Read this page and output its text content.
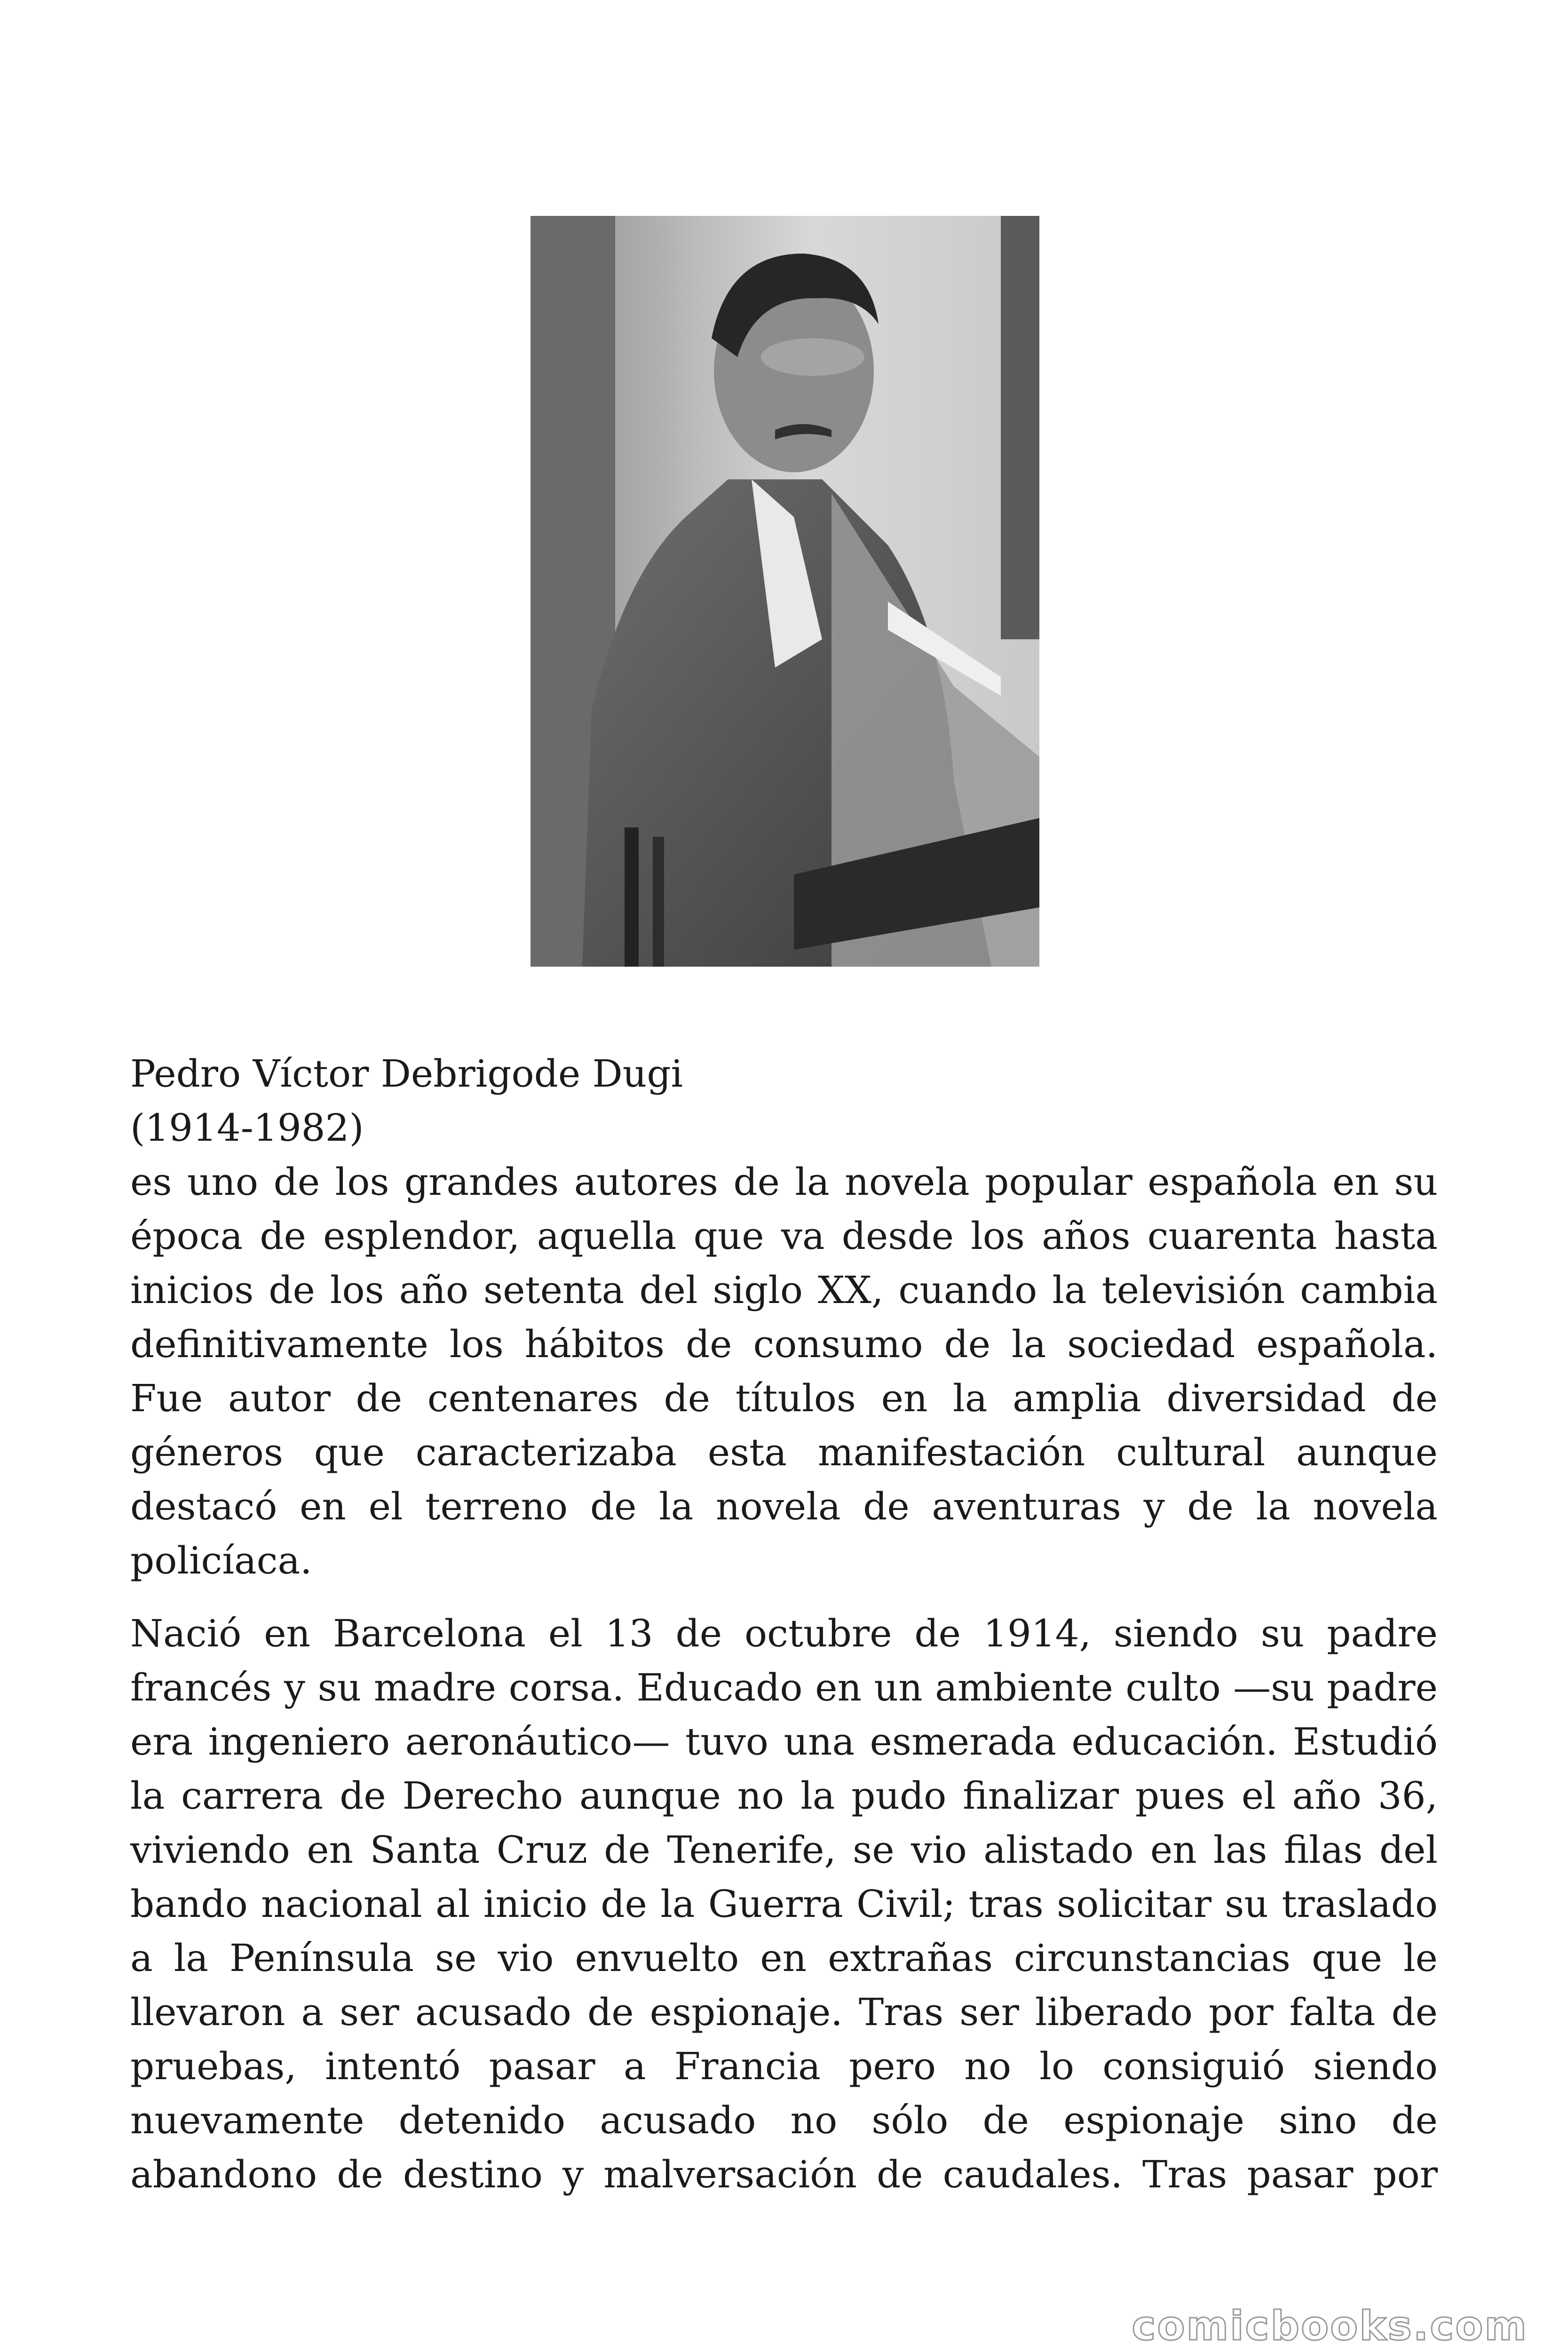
Pedro Víctor Debrigode Dugi
(1914-1982)
es uno de los grandes autores de la novela popular española en su
época de esplendor, aquella que va desde los años cuarenta hasta
inicios de los año setenta del siglo XX, cuando la televisión cambia
definitivamente los hábitos de consumo de la sociedad española.
Fue autor de centenares de títulos en la amplia diversidad de
géneros que caracterizaba esta manifestación cultural aunque
destacó en el terreno de la novela de aventuras y de la novela
policíaca.
Nació en Barcelona el 13 de octubre de 1914, siendo su padre
francés y su madre corsa. Educado en un ambiente culto —su padre
era ingeniero aeronáutico— tuvo una esmerada educación. Estudió
la carrera de Derecho aunque no la pudo finalizar pues el año 36,
viviendo en Santa Cruz de Tenerife, se vio alistado en las filas del
bando nacional al inicio de la Guerra Civil; tras solicitar su traslado
a la Península se vio envuelto en extrañas circunstancias que le
llevaron a ser acusado de espionaje. Tras ser liberado por falta de
pruebas, intentó pasar a Francia pero no lo consiguió siendo
nuevamente detenido acusado no sólo de espionaje sino de
abandono de destino y malversación de caudales. Tras pasar por
comicbooks.com
